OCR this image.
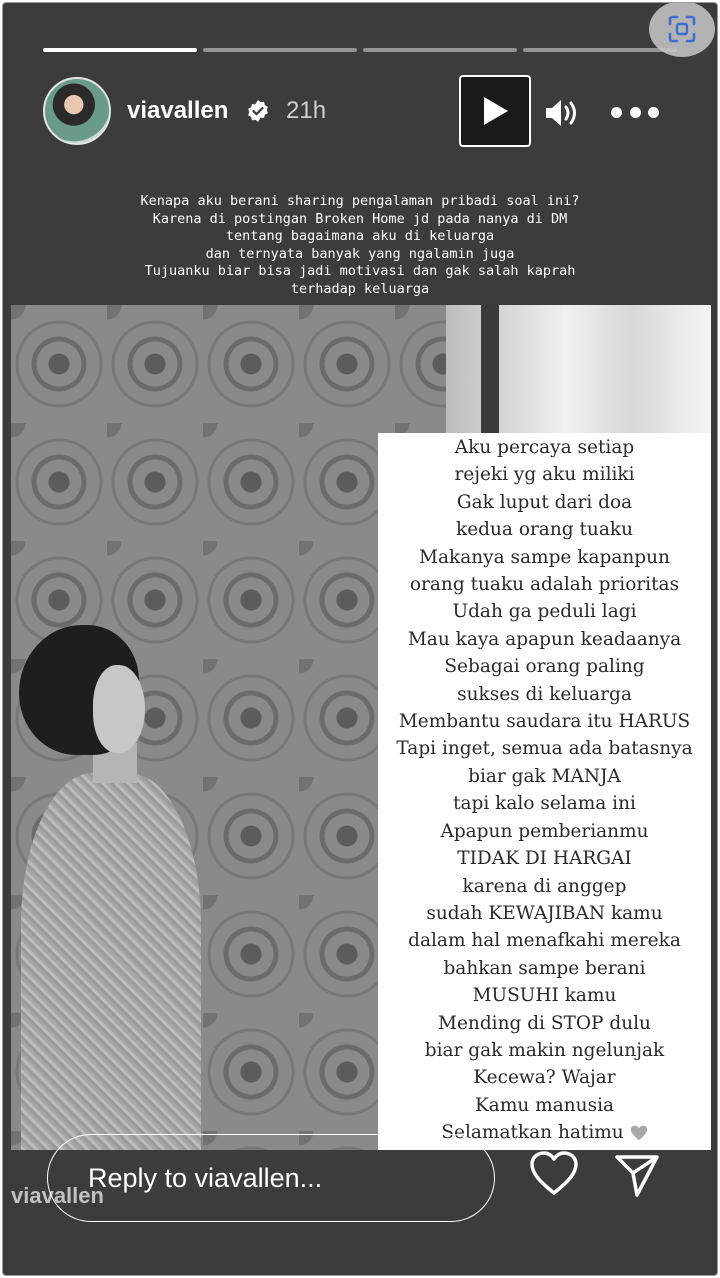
viavallen 21h
Kenapa aku berani sharing pengalaman pribadi soal ini?
Karena di postingan Broken Home jd pada nanya di DM
tentang bagaimana aku di keluarga
dan ternyata banyak yang ngalamin juga
Tujuanku biar bisa jadi motivasi dan gak salah kaprah
terhadap keluarga
Aku percaya setiap
rejeki yg aku miliki
Gak luput dari doa
kedua orang tuaku
Makanya sampe kapanpun
orang tuaku adalah prioritas
Udah ga peduli lagi
Mau kaya apapun keadaanya
Sebagai orang paling
sukses di keluarga
Membantu saudara itu HARUS
Tapi inget, semua ada batasnya
biar gak MANJA
tapi kalo selama ini
Apapun pemberianmu
TIDAK DI HARGAI
karena di anggep
sudah KEWAJIBAN kamu
dalam hal menafkahi mereka
bahkan sampe berani
MUSUHI kamu
Mending di STOP dulu
biar gak makin ngelunjak
Kecewa? Wajar
Kamu manusia
Selamatkan hatimu
viavallen
Reply to viavallen...
